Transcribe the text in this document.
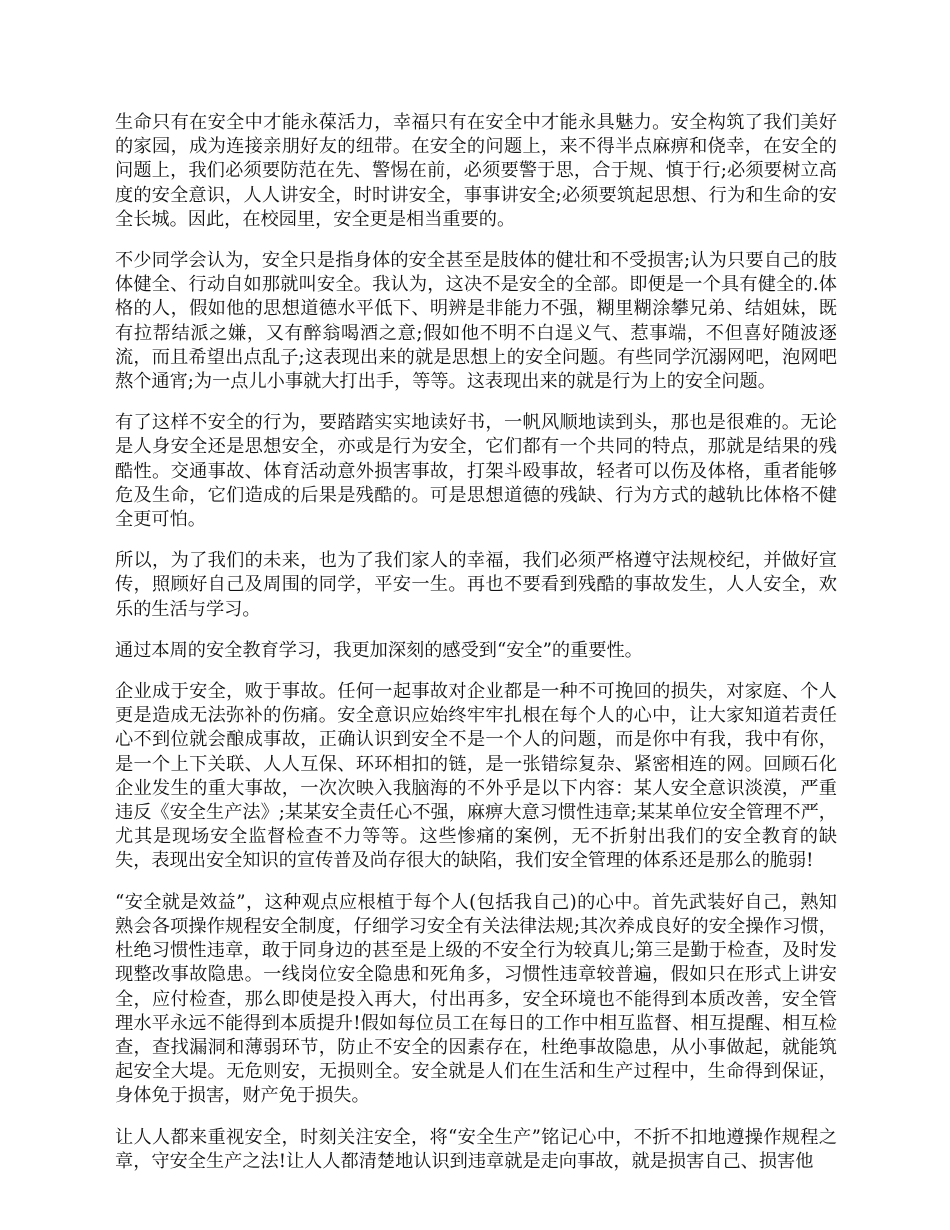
生命只有在安全中才能永葆活力，幸福只有在安全中才能永具魅力。安全构筑了我们美好的家园，成为连接亲朋好友的纽带。在安全的问题上，来不得半点麻痹和侥幸，在安全的问题上，我们必须要防范在先、警惕在前，必须要警于思，合于规、慎于行;必须要树立高度的安全意识，人人讲安全，时时讲安全，事事讲安全;必须要筑起思想、行为和生命的安全长城。因此，在校园里，安全更是相当重要的。

不少同学会认为，安全只是指身体的安全甚至是肢体的健壮和不受损害;认为只要自己的肢体健全、行动自如那就叫安全。我认为，这决不是安全的全部。即便是一个具有健全的.体格的人，假如他的思想道德水平低下、明辨是非能力不强，糊里糊涂攀兄弟、结姐妹，既有拉帮结派之嫌，又有醉翁喝酒之意;假如他不明不白逞义气、惹事端，不但喜好随波逐流，而且希望出点乱子;这表现出来的就是思想上的安全问题。有些同学沉溺网吧，泡网吧熬个通宵;为一点儿小事就大打出手，等等。这表现出来的就是行为上的安全问题。

有了这样不安全的行为，要踏踏实实地读好书，一帆风顺地读到头，那也是很难的。无论是人身安全还是思想安全，亦或是行为安全，它们都有一个共同的特点，那就是结果的残酷性。交通事故、体育活动意外损害事故，打架斗殴事故，轻者可以伤及体格，重者能够危及生命，它们造成的后果是残酷的。可是思想道德的残缺、行为方式的越轨比体格不健全更可怕。

所以，为了我们的未来，也为了我们家人的幸福，我们必须严格遵守法规校纪，并做好宣传，照顾好自己及周围的同学，平安一生。再也不要看到残酷的事故发生，人人安全，欢乐的生活与学习。

通过本周的安全教育学习，我更加深刻的感受到“安全”的重要性。

企业成于安全，败于事故。任何一起事故对企业都是一种不可挽回的损失，对家庭、个人更是造成无法弥补的伤痛。安全意识应始终牢牢扎根在每个人的心中，让大家知道若责任心不到位就会酿成事故，正确认识到安全不是一个人的问题，而是你中有我，我中有你，是一个上下关联、人人互保、环环相扣的链，是一张错综复杂、紧密相连的网。回顾石化企业发生的重大事故，一次次映入我脑海的不外乎是以下内容：某人安全意识淡漠，严重违反《安全生产法》;某某安全责任心不强，麻痹大意习惯性违章;某某单位安全管理不严，尤其是现场安全监督检查不力等等。这些惨痛的案例，无不折射出我们的安全教育的缺失，表现出安全知识的宣传普及尚存很大的缺陷，我们安全管理的体系还是那么的脆弱!

“安全就是效益”，这种观点应根植于每个人(包括我自己)的心中。首先武装好自己，熟知熟会各项操作规程安全制度，仔细学习安全有关法律法规;其次养成良好的安全操作习惯，杜绝习惯性违章，敢于同身边的甚至是上级的不安全行为较真儿;第三是勤于检查，及时发现整改事故隐患。一线岗位安全隐患和死角多，习惯性违章较普遍，假如只在形式上讲安全，应付检查，那么即使是投入再大，付出再多，安全环境也不能得到本质改善，安全管理水平永远不能得到本质提升!假如每位员工在每日的工作中相互监督、相互提醒、相互检查，查找漏洞和薄弱环节，防止不安全的因素存在，杜绝事故隐患，从小事做起，就能筑起安全大堤。无危则安，无损则全。安全就是人们在生活和生产过程中，生命得到保证，身体免于损害，财产免于损失。

让人人都来重视安全，时刻关注安全，将“安全生产”铭记心中，不折不扣地遵操作规程之章，守安全生产之法!让人人都清楚地认识到违章就是走向事故，就是损害自己、损害他
